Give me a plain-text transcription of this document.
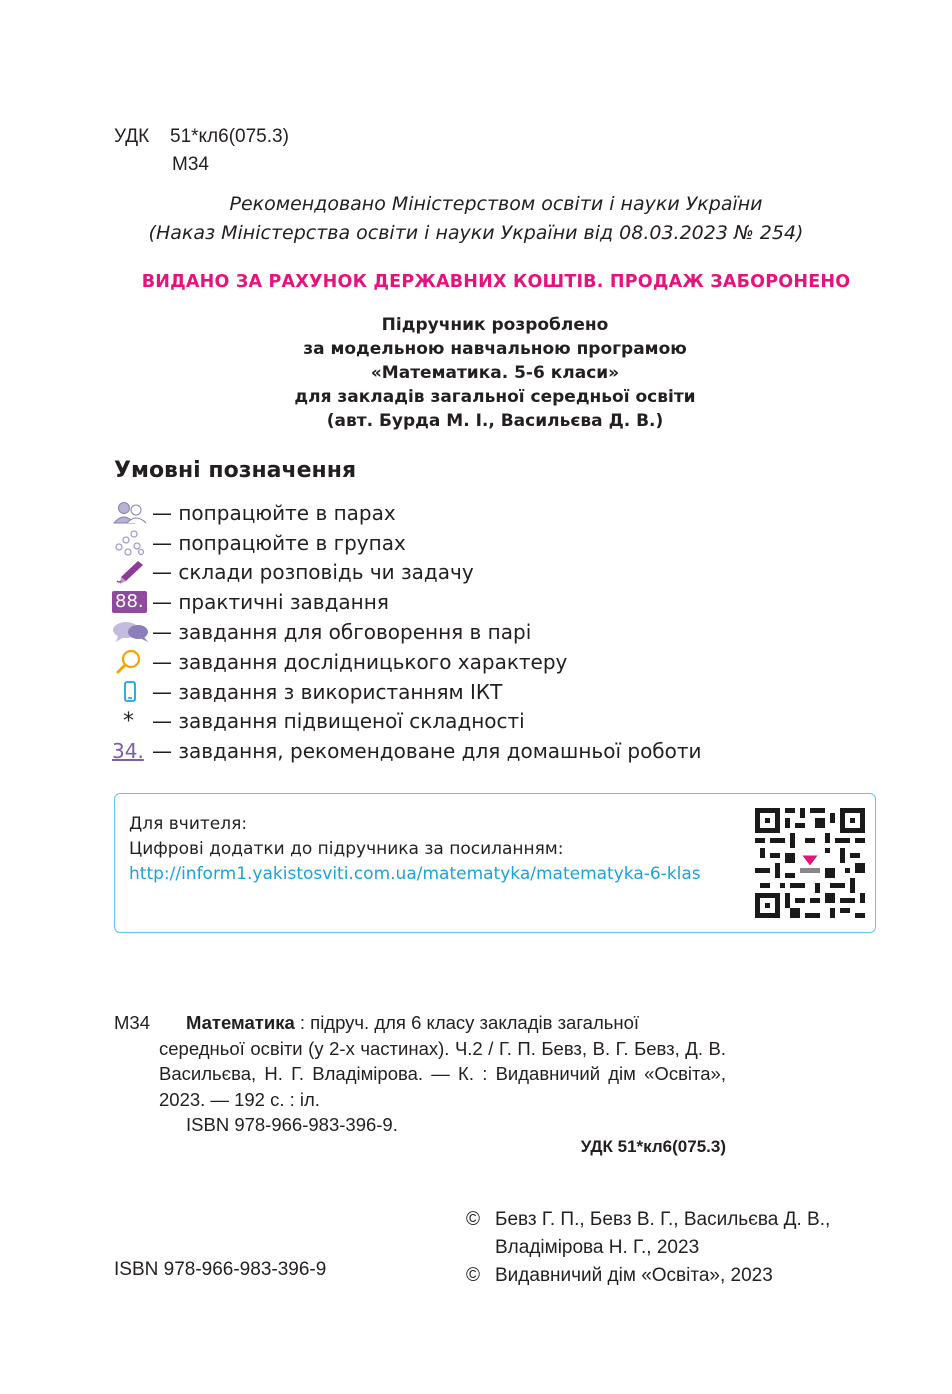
УДК 51*кл6(075.3)
М34
Рекомендовано Міністерством освіти і науки України
(Наказ Міністерства освіти і науки України від 08.03.2023 № 254)
ВИДАНО ЗА РАХУНОК ДЕРЖАВНИХ КОШТІВ. ПРОДАЖ ЗАБОРОНЕНО
Підручник розроблено
за модельною навчальною програмою
«Математика. 5-6 класи»
для закладів загальної середньої освіти
(авт. Бурда М. І., Васильєва Д. В.)
Умовні позначення
— попрацюйте в парах
— попрацюйте в групах
— склади розповідь чи задачу
88. — практичні завдання
— завдання для обговорення в парі
— завдання дослідницького характеру
— завдання з використанням ІКТ
* — завдання підвищеної складності
34. — завдання, рекомендоване для домашньої роботи
Для вчителя:
Цифрові додатки до підручника за посиланням:
http://inform1.yakistosviti.com.ua/matematyka/matematyka-6-klas
М34	Математика : підруч. для 6 класу закладів загальної
середньої освіти (у 2-х частинах). Ч.2 / Г. П. Бевз, В. Г. Бевз, Д. В. Васильєва, Н. Г. Владімірова. — К. : Видавничий дім «Освіта», 2023. — 192 с. : іл.
ISBN 978-966-983-396-9.
УДК 51*кл6(075.3)
© Бевз Г. П., Бевз В. Г., Васильєва Д. В.,
Владімірова Н. Г., 2023
© Видавничий дім «Освіта», 2023
ISBN 978-966-983-396-9
